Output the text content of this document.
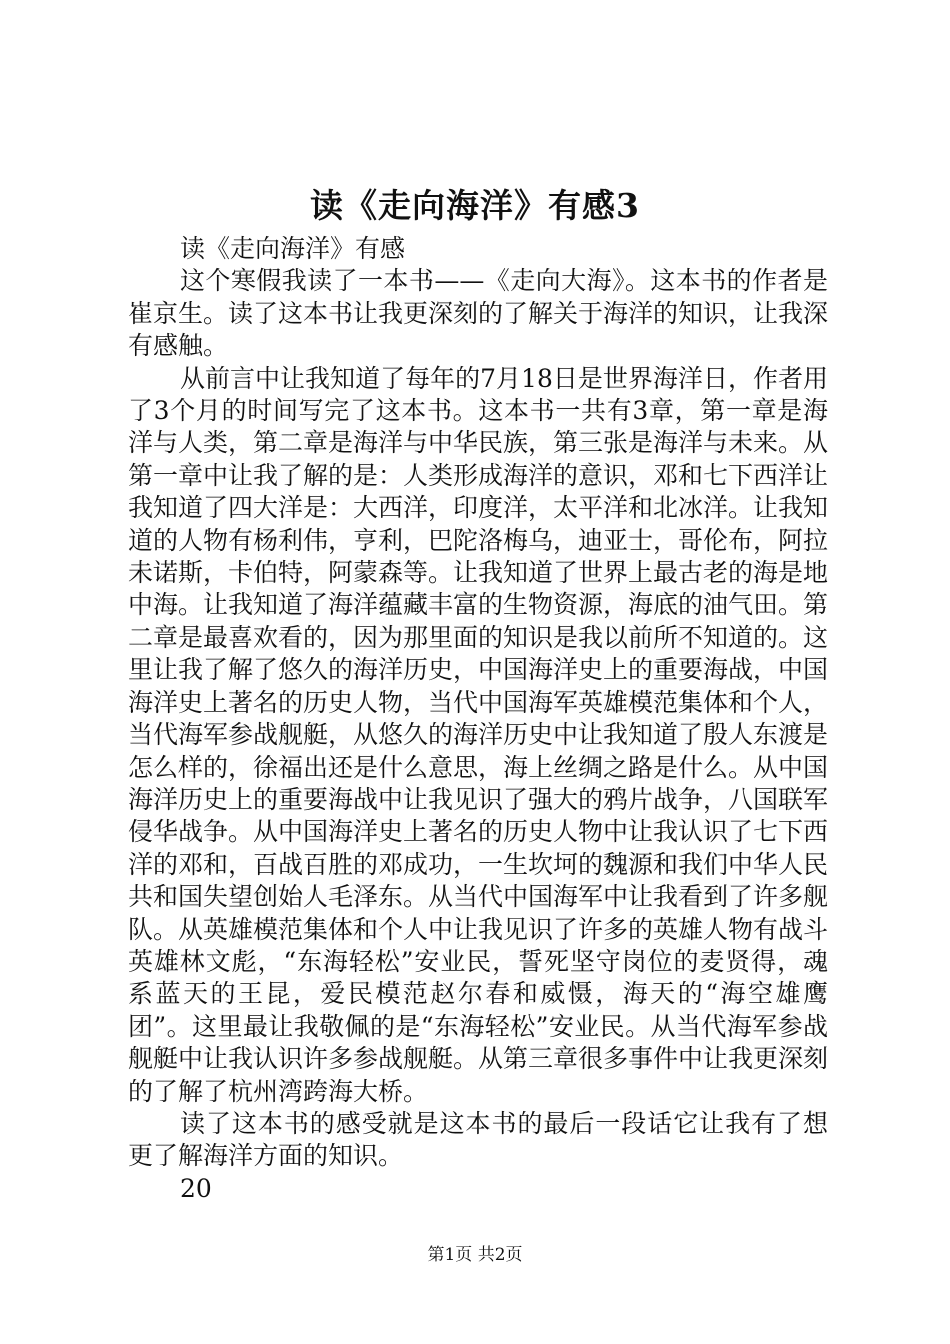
读《走向海洋》有感3

读《走向海洋》有感

这个寒假我读了一本书——《走向大海》。这本书的作者是崔京生。读了这本书让我更深刻的了解关于海洋的知识，让我深有感触。

从前言中让我知道了每年的7月18日是世界海洋日，作者用了3个月的时间写完了这本书。这本书一共有3章，第一章是海洋与人类，第二章是海洋与中华民族，第三张是海洋与未来。从第一章中让我了解的是：人类形成海洋的意识，邓和七下西洋让我知道了四大洋是：大西洋，印度洋，太平洋和北冰洋。让我知道的人物有杨利伟，亨利，巴陀洛梅乌，迪亚士，哥伦布，阿拉未诺斯，卡伯特，阿蒙森等。让我知道了世界上最古老的海是地中海。让我知道了海洋蕴藏丰富的生物资源，海底的油气田。第二章是最喜欢看的，因为那里面的知识是我以前所不知道的。这里让我了解了悠久的海洋历史，中国海洋史上的重要海战，中国海洋史上著名的历史人物，当代中国海军英雄模范集体和个人，当代海军参战舰艇，从悠久的海洋历史中让我知道了殷人东渡是怎么样的，徐福出还是什么意思，海上丝绸之路是什么。从中国海洋历史上的重要海战中让我见识了强大的鸦片战争，八国联军侵华战争。从中国海洋史上著名的历史人物中让我认识了七下西洋的邓和，百战百胜的邓成功，一生坎坷的魏源和我们中华人民共和国失望创始人毛泽东。从当代中国海军中让我看到了许多舰队。从英雄模范集体和个人中让我见识了许多的英雄人物有战斗英雄林文彪，“东海轻松”安业民，誓死坚守岗位的麦贤得，魂系蓝天的王昆，爱民模范赵尔春和威慑，海天的“海空雄鹰团”。这里最让我敬佩的是“东海轻松”安业民。从当代海军参战舰艇中让我认识许多参战舰艇。从第三章很多事件中让我更深刻的了解了杭州湾跨海大桥。

读了这本书的感受就是这本书的最后一段话它让我有了想更了解海洋方面的知识。

20

第1页 共2页
